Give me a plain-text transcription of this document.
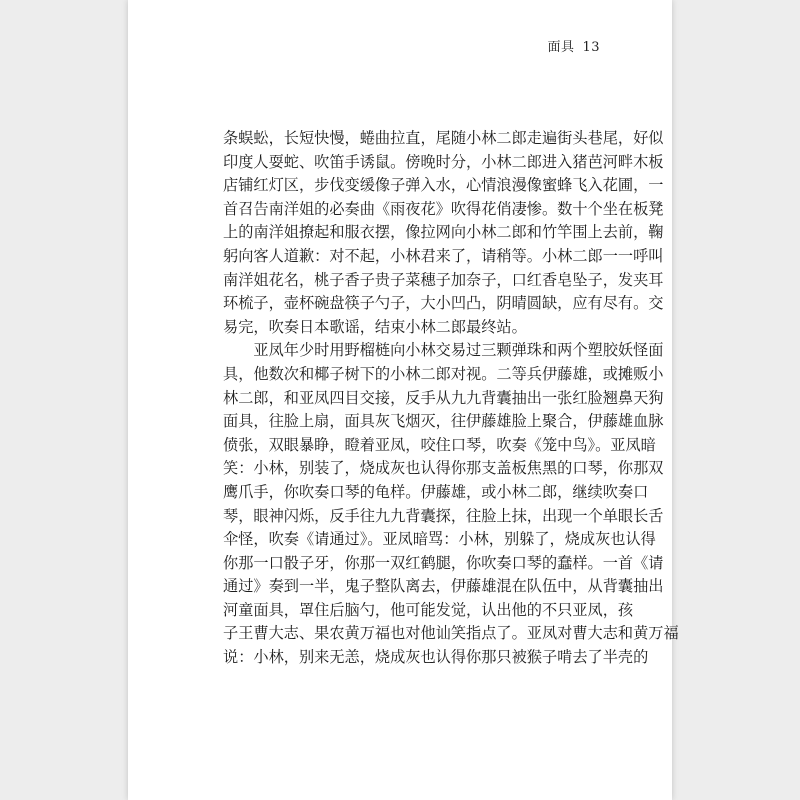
面具 13

条蜈蚣，长短快慢，蜷曲拉直，尾随小林二郎走遍街头巷尾，好似
印度人耍蛇、吹笛手诱鼠。傍晚时分，小林二郎进入猪芭河畔木板
店铺红灯区，步伐变缓像子弹入水，心情浪漫像蜜蜂飞入花圃，一
首召告南洋姐的必奏曲《雨夜花》吹得花俏凄惨。数十个坐在板凳
上的南洋姐撩起和服衣摆，像拉网向小林二郎和竹竿围上去前，鞠
躬向客人道歉：对不起，小林君来了，请稍等。小林二郎一一呼叫
南洋姐花名，桃子香子贵子菜穗子加奈子，口红香皂坠子，发夹耳
环梳子，壶杯碗盘筷子勺子，大小凹凸，阴晴圆缺，应有尽有。交
易完，吹奏日本歌谣，结束小林二郎最终站。

亚凤年少时用野榴梿向小林交易过三颗弹珠和两个塑胶妖怪面
具，他数次和椰子树下的小林二郎对视。二等兵伊藤雄，或摊贩小
林二郎，和亚凤四目交接，反手从九九背囊抽出一张红脸翘鼻天狗
面具，往脸上扇，面具灰飞烟灭，往伊藤雄脸上聚合，伊藤雄血脉
偾张，双眼暴睁，瞪着亚凤，咬住口琴，吹奏《笼中鸟》。亚凤暗
笑：小林，别装了，烧成灰也认得你那支盖板焦黑的口琴，你那双
鹰爪手，你吹奏口琴的龟样。伊藤雄，或小林二郎，继续吹奏口
琴，眼神闪烁，反手往九九背囊探，往脸上抹，出现一个单眼长舌
伞怪，吹奏《请通过》。亚凤暗骂：小林，别躲了，烧成灰也认得
你那一口骰子牙，你那一双红鹤腿，你吹奏口琴的蠢样。一首《请
通过》奏到一半，鬼子整队离去，伊藤雄混在队伍中，从背囊抽出
河童面具，罩住后脑勺，他可能发觉，认出他的不只亚凤，孩
子王曹大志、果农黄万福也对他讪笑指点了。亚凤对曹大志和黄万福
说：小林，别来无恙，烧成灰也认得你那只被猴子啃去了半壳的
